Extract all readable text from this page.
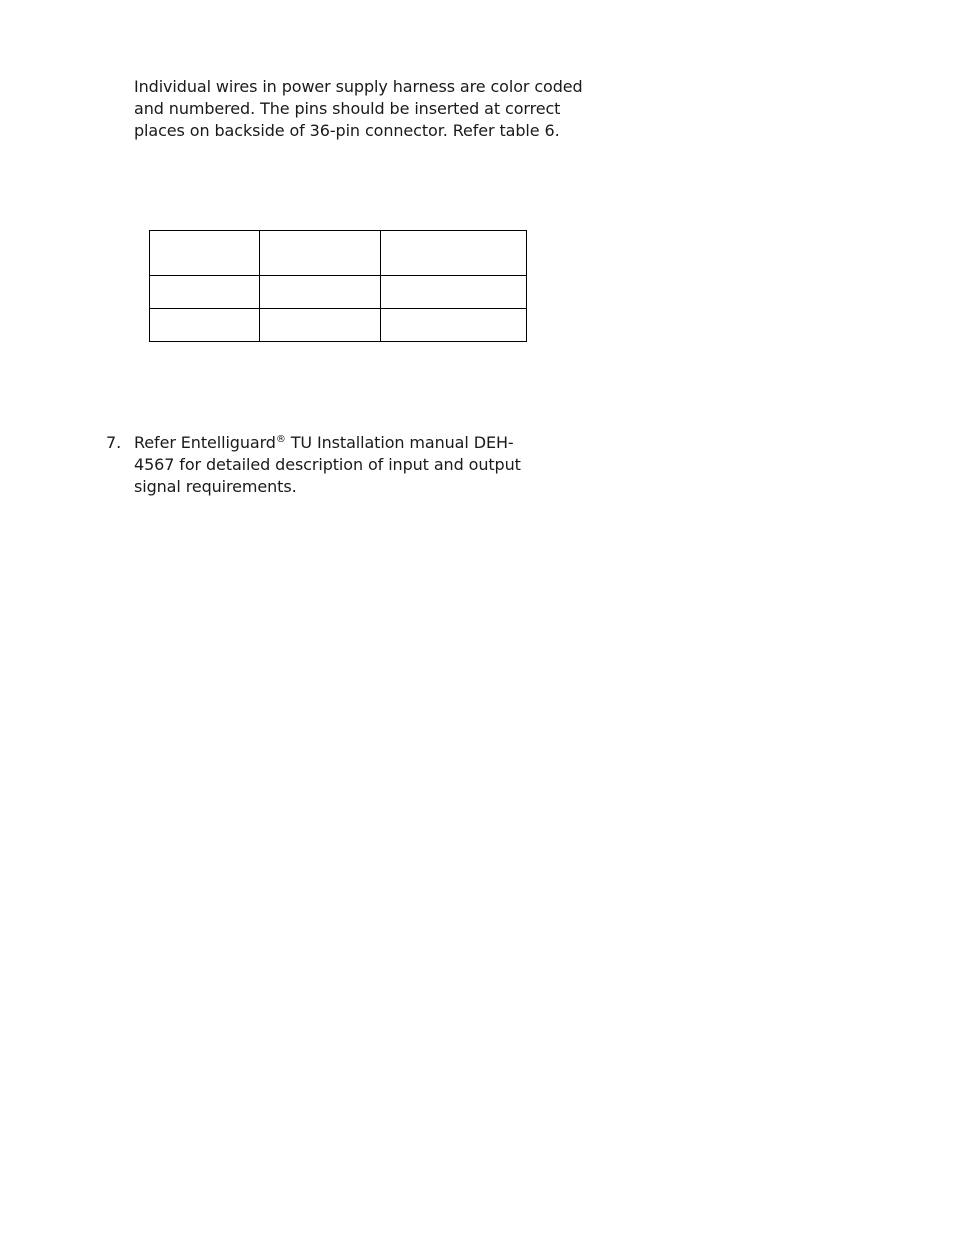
Individual wires in power supply harness are color coded
and numbered. The pins should be inserted at correct
places on backside of 36-pin connector. Refer table 6.

7. Refer Entelliguard® TU Installation manual DEH-
4567 for detailed description of input and output
signal requirements.
